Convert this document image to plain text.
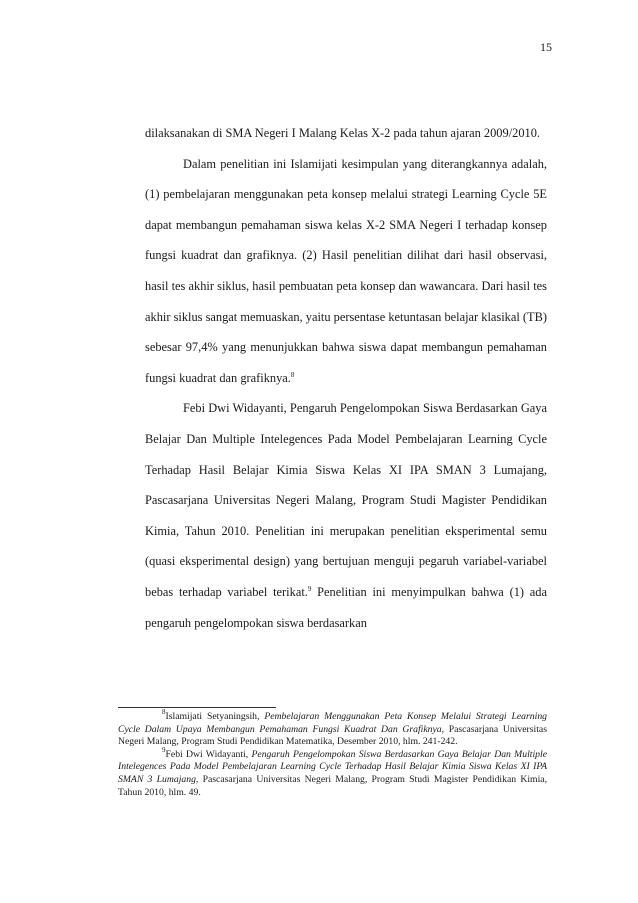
15

dilaksanakan di SMA Negeri I Malang Kelas X-2 pada tahun ajaran 2009/2010.

Dalam penelitian ini Islamijati kesimpulan yang diterangkannya adalah, (1) pembelajaran menggunakan peta konsep melalui strategi Learning Cycle 5E dapat membangun pemahaman siswa kelas X-2 SMA Negeri I terhadap konsep fungsi kuadrat dan grafiknya. (2) Hasil penelitian dilihat dari hasil observasi, hasil tes akhir siklus, hasil pembuatan peta konsep dan wawancara. Dari hasil tes akhir siklus sangat memuaskan, yaitu persentase ketuntasan belajar klasikal (TB) sebesar 97,4% yang menunjukkan bahwa siswa dapat membangun pemahaman fungsi kuadrat dan grafiknya.$^8$

Febi Dwi Widayanti, Pengaruh Pengelompokan Siswa Berdasarkan Gaya Belajar Dan Multiple Intelegences Pada Model Pembelajaran Learning Cycle Terhadap Hasil Belajar Kimia Siswa Kelas XI IPA SMAN 3 Lumajang, Pascasarjana Universitas Negeri Malang, Program Studi Magister Pendidikan Kimia, Tahun 2010. Penelitian ini merupakan penelitian eksperimental semu (quasi eksperimental design) yang bertujuan menguji pegaruh variabel-variabel bebas terhadap variabel terikat.$^9$ Penelitian ini menyimpulkan bahwa (1) ada pengaruh pengelompokan siswa berdasarkan

$^8$Islamijati Setyaningsih, Pembelajaran Menggunakan Peta Konsep Melalui Strategi Learning Cycle Dalam Upaya Membangun Pemahaman Fungsi Kuadrat Dan Grafiknya, Pascasarjana Universitas Negeri Malang, Program Studi Pendidikan Matematika, Desember 2010, hlm. 241-242.

$^9$Febi Dwi Widayanti, Pengaruh Pengelompokan Siswa Berdasarkan Gaya Belajar Dan Multiple Intelegences Pada Model Pembelajaran Learning Cycle Terhadap Hasil Belajar Kimia Siswa Kelas XI IPA SMAN 3 Lumajang, Pascasarjana Universitas Negeri Malang, Program Studi Magister Pendidikan Kimia, Tahun 2010, hlm. 49.
